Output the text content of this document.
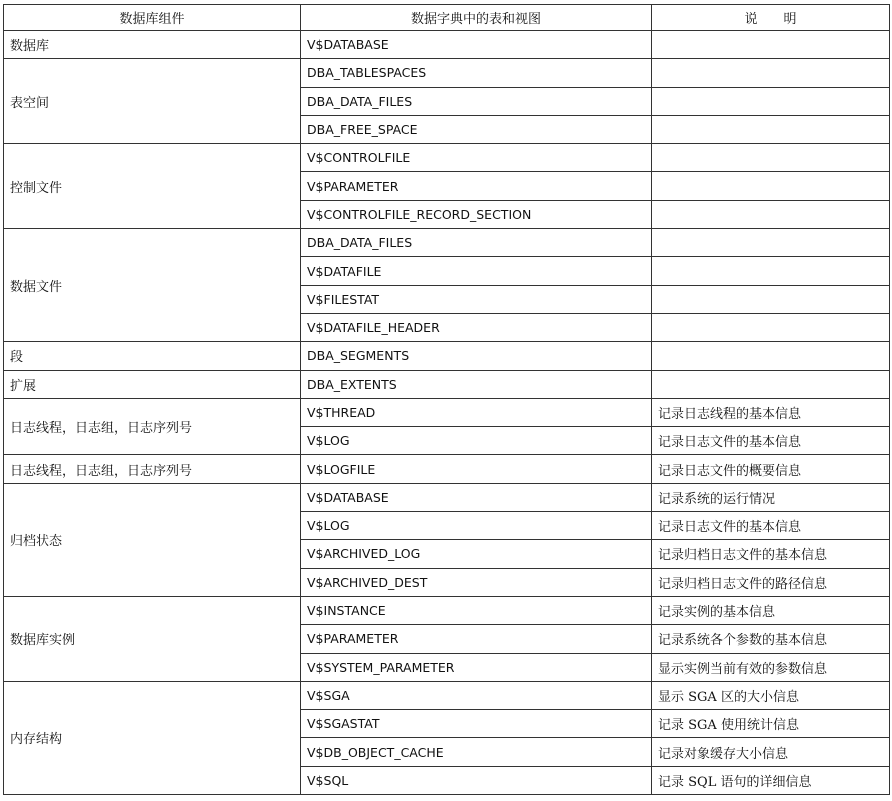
数据库组件	数据字典中的表和视图	说　　明
数据库	V$DATABASE	
表空间	DBA_TABLESPACES	
	DBA_DATA_FILES	
	DBA_FREE_SPACE	
控制文件	V$CONTROLFILE	
	V$PARAMETER	
	V$CONTROLFILE_RECORD_SECTION	
数据文件	DBA_DATA_FILES	
	V$DATAFILE	
	V$FILESTAT	
	V$DATAFILE_HEADER	
段	DBA_SEGMENTS	
扩展	DBA_EXTENTS	
日志线程，日志组，日志序列号	V$THREAD	记录日志线程的基本信息
	V$LOG	记录日志文件的基本信息
日志线程，日志组，日志序列号	V$LOGFILE	记录日志文件的概要信息
归档状态	V$DATABASE	记录系统的运行情况
	V$LOG	记录日志文件的基本信息
	V$ARCHIVED_LOG	记录归档日志文件的基本信息
	V$ARCHIVED_DEST	记录归档日志文件的路径信息
数据库实例	V$INSTANCE	记录实例的基本信息
	V$PARAMETER	记录系统各个参数的基本信息
	V$SYSTEM_PARAMETER	显示实例当前有效的参数信息
内存结构	V$SGA	显示 SGA 区的大小信息
	V$SGASTAT	记录 SGA 使用统计信息
	V$DB_OBJECT_CACHE	记录对象缓存大小信息
	V$SQL	记录 SQL 语句的详细信息
